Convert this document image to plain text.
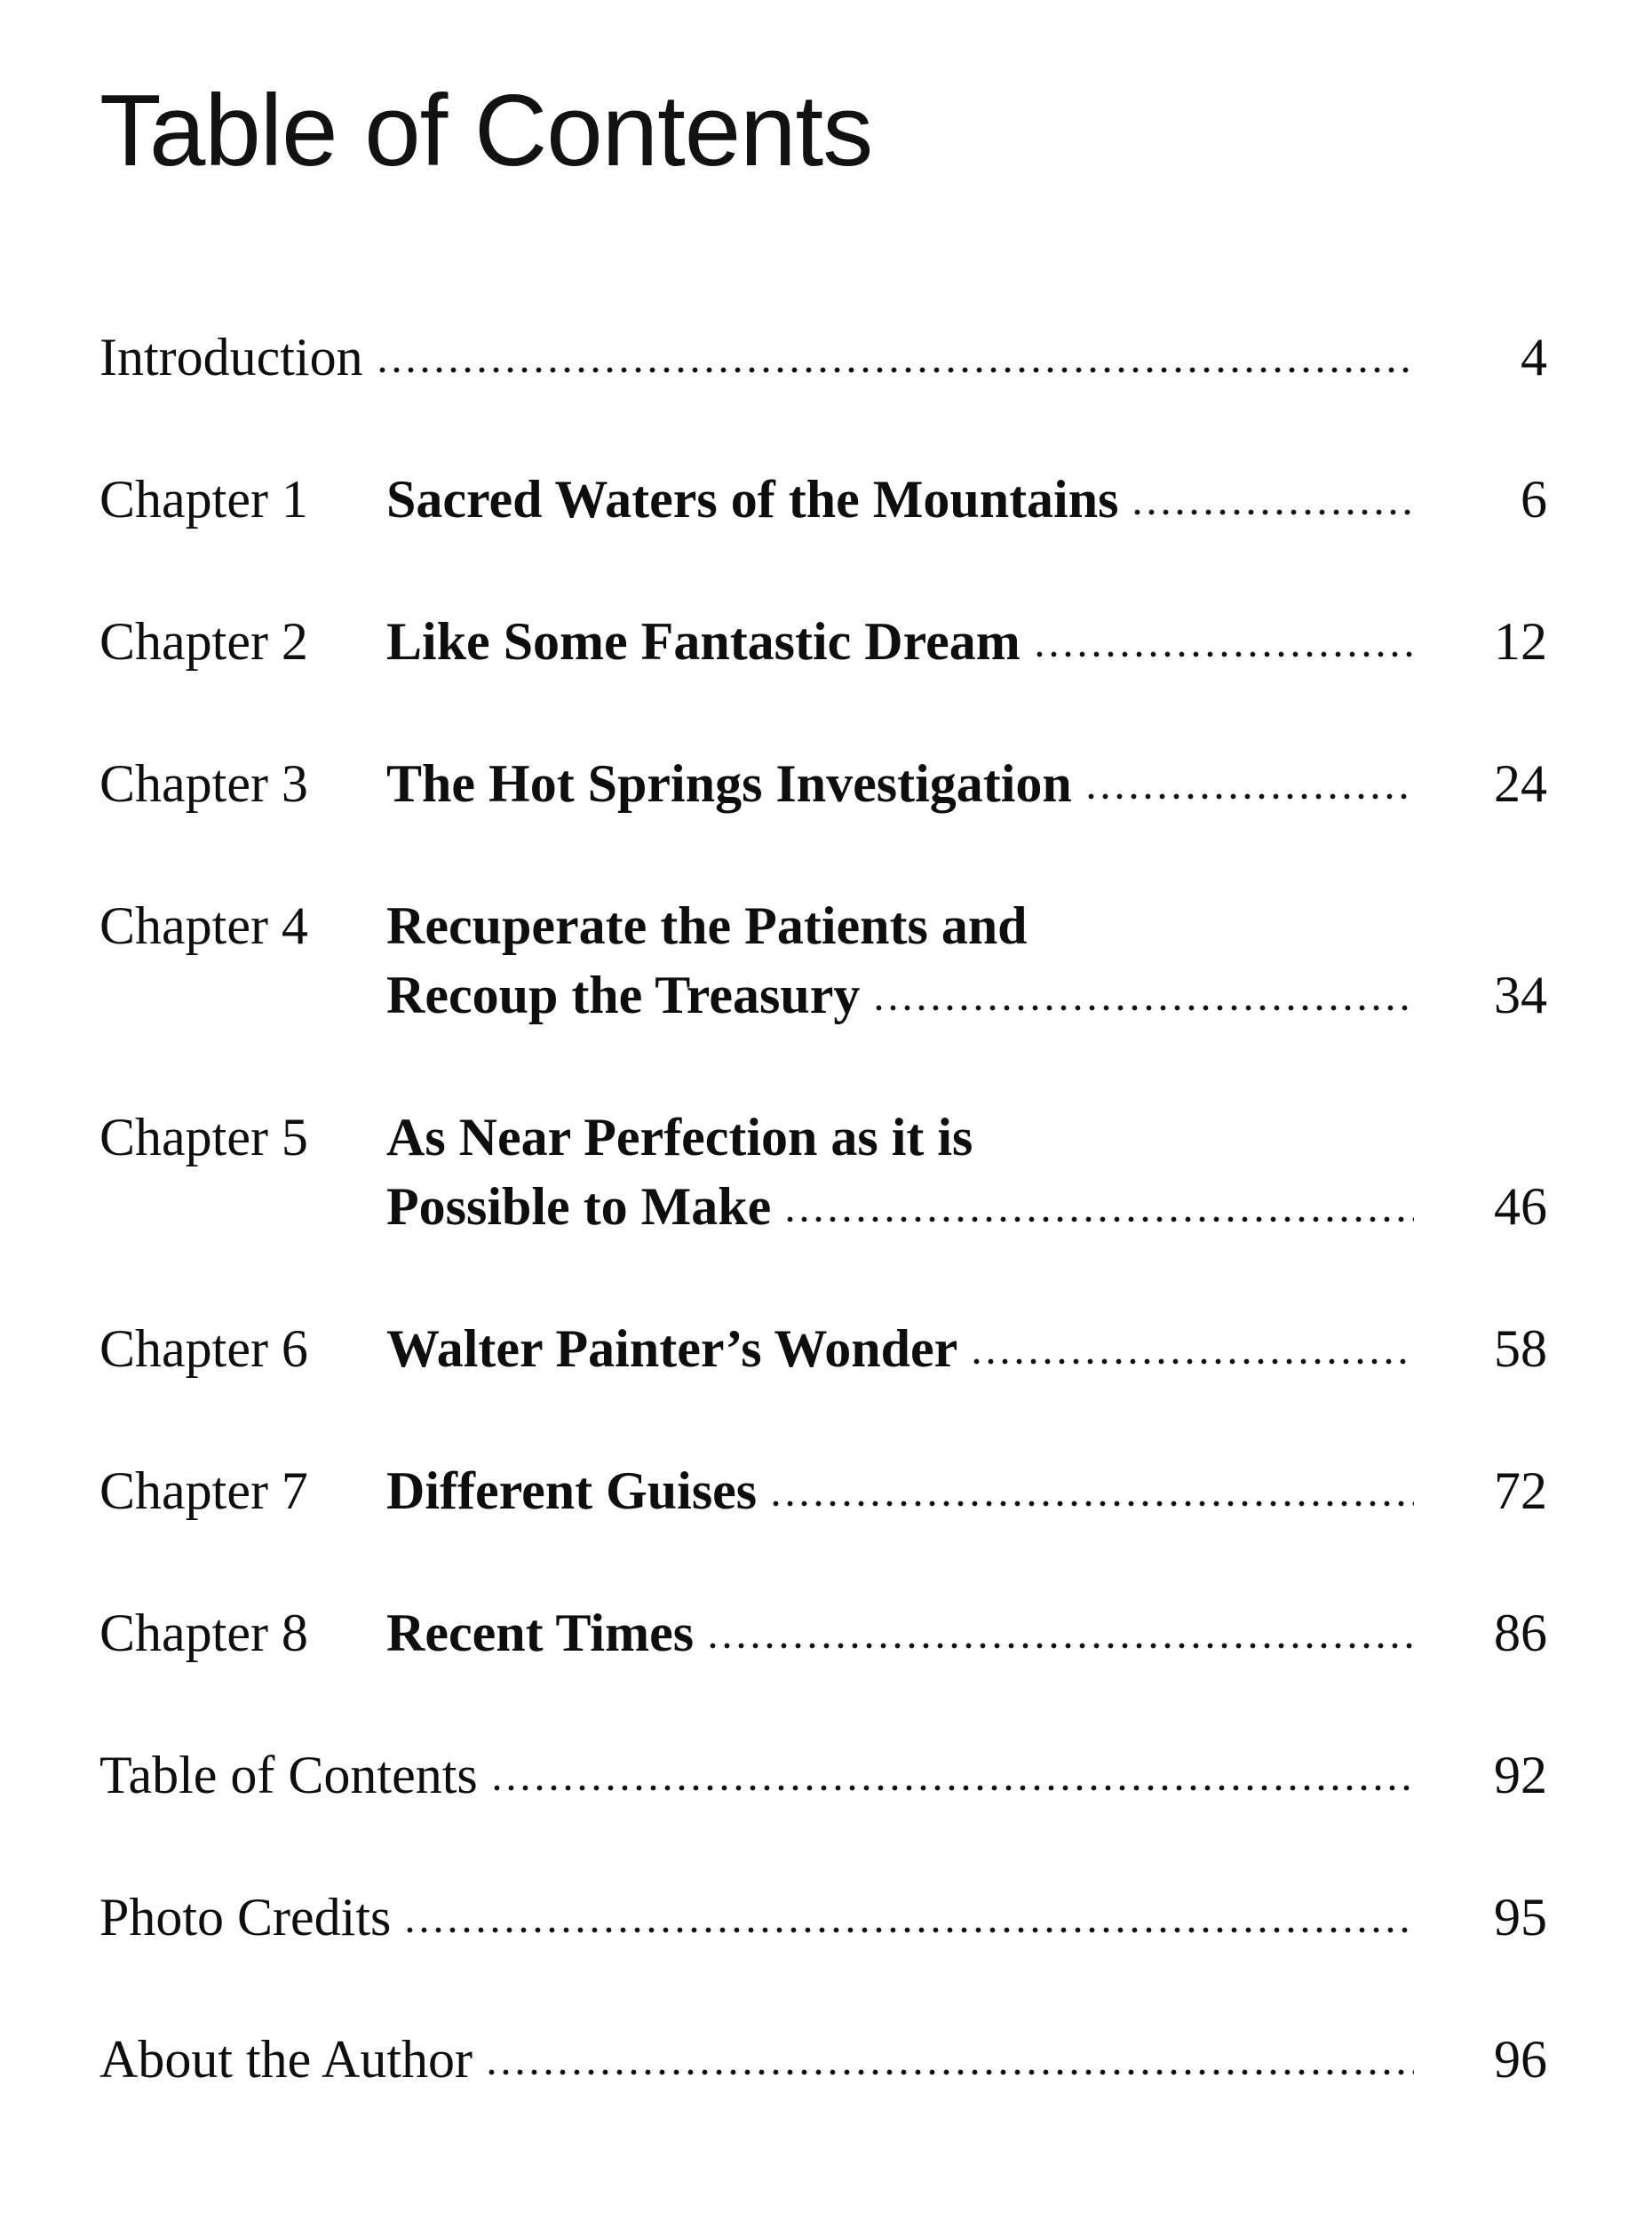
Table of Contents
Introduction	4
Chapter 1	Sacred Waters of the Mountains	6
Chapter 2	Like Some Fantastic Dream	12
Chapter 3	The Hot Springs Investigation	24
Chapter 4	Recuperate the Patients and
Recoup the Treasury	34
Chapter 5	As Near Perfection as it is
Possible to Make	46
Chapter 6	Walter Painter’s Wonder	58
Chapter 7	Different Guises	72
Chapter 8	Recent Times	86
Table of Contents	92
Photo Credits	95
About the Author	96
